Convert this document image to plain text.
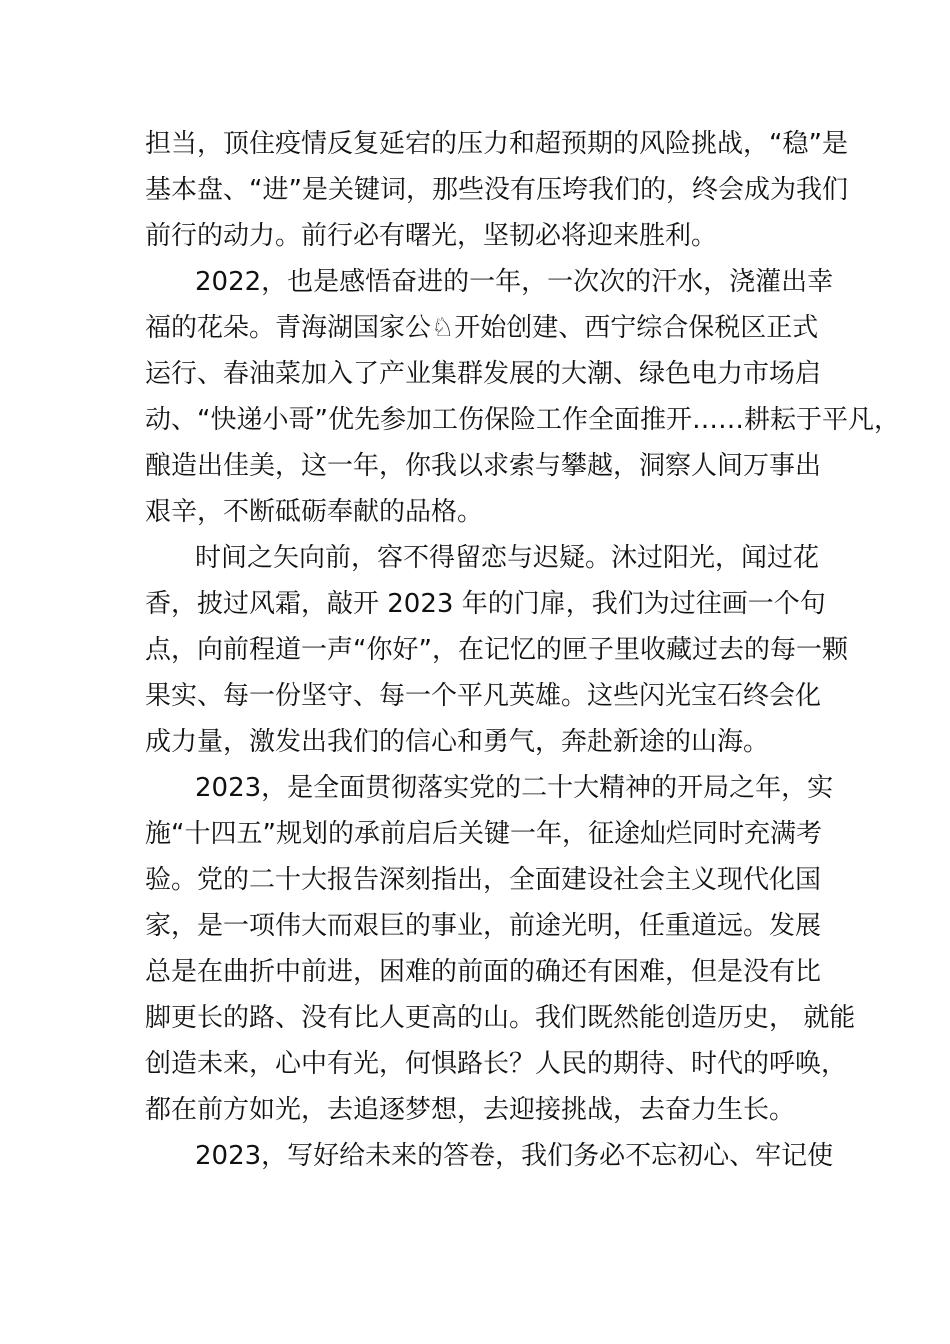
担当，顶住疫情反复延宕的压力和超预期的风险挑战，“稳”是
基本盘、“进”是关键词，那些没有压垮我们的，终会成为我们
前行的动力。前行必有曙光，坚韧必将迎来胜利。
2022，也是感悟奋进的一年，一次次的汗水，浇灌出幸
福的花朵。青海湖国家公♘开始创建、西宁综合保税区正式
运行、春油菜加入了产业集群发展的大潮、绿色电力市场启
动、“快递小哥”优先参加工伤保险工作全面推开……耕耘于平凡，
酿造出佳美，这一年，你我以求索与攀越，洞察人间万事出
艰辛，不断砥砺奉献的品格。
时间之矢向前，容不得留恋与迟疑。沐过阳光，闻过花
香，披过风霜，敲开 2023 年的门扉，我们为过往画一个句
点，向前程道一声“你好”，在记忆的匣子里收藏过去的每一颗
果实、每一份坚守、每一个平凡英雄。这些闪光宝石终会化
成力量，激发出我们的信心和勇气，奔赴新途的山海。
2023，是全面贯彻落实党的二十大精神的开局之年，实
施“十四五”规划的承前启后关键一年，征途灿烂同时充满考
验。党的二十大报告深刻指出，全面建设社会主义现代化国
家，是一项伟大而艰巨的事业，前途光明，任重道远。发展
总是在曲折中前进，困难的前面的确还有困难，但是没有比
脚更长的路、没有比人更高的山。我们既然能创造历史， 就能
创造未来，心中有光，何惧路长？人民的期待、时代的呼唤，
都在前方如光，去追逐梦想，去迎接挑战，去奋力生长。
2023，写好给未来的答卷，我们务必不忘初心、牢记使
